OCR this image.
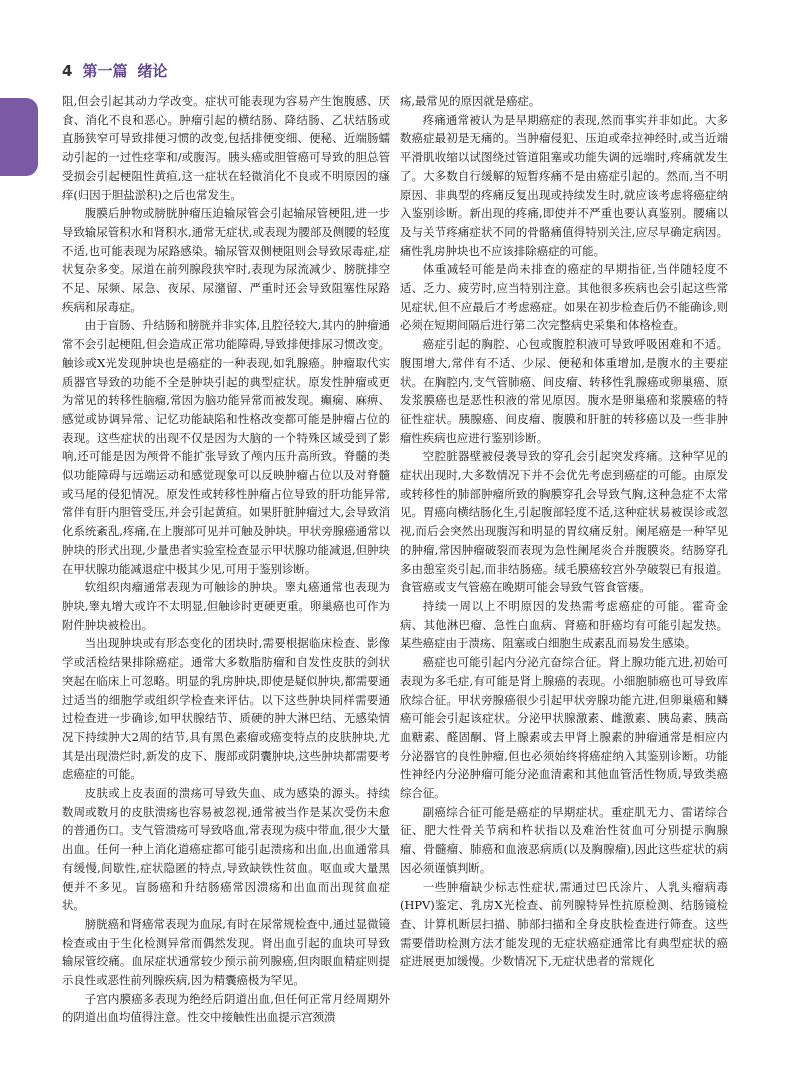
4 第一篇 绪论

阻,但会引起其动力学改变。症状可能表现为容易产生饱腹感、厌食、消化不良和恶心。肿瘤引起的横结肠、降结肠、乙状结肠或直肠狭窄可导致排便习惯的改变,包括排便变细、便秘、近端肠蠕动引起的一过性痉挛和/或腹泻。胰头癌或胆管癌可导致的胆总管受损会引起梗阻性黄疸,这一症状在轻微消化不良或不明原因的瘙痒(归因于胆盐淤积)之后也常发生。

腹膜后肿物或膀胱肿瘤压迫输尿管会引起输尿管梗阻,进一步导致输尿管积水和肾积水,通常无症状,或表现为腰部及侧腰的轻度不适,也可能表现为尿路感染。输尿管双侧梗阻则会导致尿毒症,症状复杂多变。尿道在前列腺段狭窄时,表现为尿流减少、膀胱排空不足、尿频、尿急、夜尿、尿潴留、严重时还会导致阻塞性尿路疾病和尿毒症。

由于盲肠、升结肠和膀胱并非实体,且腔径较大,其内的肿瘤通常不会引起梗阻,但会造成正常功能障碍,导致排便排尿习惯改变。触诊或X光发现肿块也是癌症的一种表现,如乳腺癌。肿瘤取代实质器官导致的功能不全是肿块引起的典型症状。原发性肿瘤或更为常见的转移性脑瘤,常因为脑功能异常而被发现。癫痫、麻痹、感觉或协调异常、记忆功能缺陷和性格改变都可能是肿瘤占位的表现。这些症状的出现不仅是因为大脑的一个特殊区域受到了影响,还可能是因为颅骨不能扩张导致了颅内压升高所致。脊髓的类似功能障碍与远端运动和感觉现象可以反映肿瘤占位以及对脊髓或马尾的侵犯情况。原发性或转移性肿瘤占位导致的肝功能异常,常伴有肝内胆管受压,并会引起黄疸。如果肝脏肿瘤过大,会导致消化系统紊乱,疼痛,在上腹部可见并可触及肿块。甲状旁腺癌通常以肿块的形式出现,少量患者实验室检查显示甲状腺功能减退,但肿块在甲状腺功能减退症中极其少见,可用于鉴别诊断。

软组织肉瘤通常表现为可触诊的肿块。睾丸癌通常也表现为肿块,睾丸增大或许不太明显,但触诊时更硬更重。卵巢癌也可作为附件肿块被检出。

当出现肿块或有形态变化的团块时,需要根据临床检查、影像学或活检结果排除癌症。通常大多数脂肪瘤和自发性皮肤的剑状突起在临床上可忽略。明显的乳房肿块,即使是疑似肿块,都需要通过适当的细胞学或组织学检查来评估。以下这些肿块同样需要通过检查进一步确诊,如甲状腺结节、质硬的肿大淋巴结、无感染情况下持续肿大2周的结节,具有黑色素瘤或癌变特点的皮肤肿块,尤其是出现溃烂时,新发的皮下、腹部或阴囊肿块,这些肿块都需要考虑癌症的可能。

皮肤或上皮表面的溃疡可导致失血、成为感染的源头。持续数周或数月的皮肤溃疡也容易被忽视,通常被当作是某次受伤未愈的普通伤口。支气管溃疡可导致咯血,常表现为痰中带血,很少大量出血。任何一种上消化道癌症都可能引起溃疡和出血,出血通常具有缓慢,间歇性,症状隐匿的特点,导致缺铁性贫血。呕血或大量黑便并不多见。盲肠癌和升结肠癌常因溃疡和出血而出现贫血症状。

膀胱癌和肾癌常表现为血尿,有时在尿常规检查中,通过显微镜检查或由于生化检测异常而偶然发现。肾出血引起的血块可导致输尿管绞痛。血尿症状通常较少预示前列腺癌,但肉眼血精症则提示良性或恶性前列腺疾病,因为精囊癌极为罕见。

子宫内膜癌多表现为绝经后阴道出血,但任何正常月经周期外的阴道出血均值得注意。性交中接触性出血提示宫颈溃

疡,最常见的原因就是癌症。

疼痛通常被认为是早期癌症的表现,然而事实并非如此。大多数癌症最初是无痛的。当肿瘤侵犯、压迫或牵拉神经时,或当近端平滑肌收缩以试图绕过管道阻塞或功能失调的远端时,疼痛就发生了。大多数自行缓解的短暂疼痛不是由癌症引起的。然而,当不明原因、非典型的疼痛反复出现或持续发生时,就应该考虑将癌症纳入鉴别诊断。新出现的疼痛,即使并不严重也要认真鉴别。腰痛以及与关节疼痛症状不同的骨骼痛值得特别关注,应尽早确定病因。痛性乳房肿块也不应该排除癌症的可能。

体重减轻可能是尚未排查的癌症的早期指征,当伴随轻度不适、乏力、疲劳时,应当特别注意。其他很多疾病也会引起这些常见症状,但不应最后才考虑癌症。如果在初步检查后仍不能确诊,则必须在短期间隔后进行第二次完整病史采集和体格检查。

癌症引起的胸腔、心包或腹腔积液可导致呼吸困难和不适。腹围增大,常伴有不适、少尿、便秘和体重增加,是腹水的主要症状。在胸腔内,支气管肺癌、间皮瘤、转移性乳腺癌或卵巢癌、原发浆膜癌也是恶性积液的常见原因。腹水是卵巢癌和浆膜癌的特征性症状。胰腺癌、间皮瘤、腹膜和肝脏的转移癌以及一些非肿瘤性疾病也应进行鉴别诊断。

空腔脏器壁被侵袭导致的穿孔会引起突发疼痛。这种罕见的症状出现时,大多数情况下并不会优先考虑到癌症的可能。由原发或转移性的肺部肿瘤所致的胸膜穿孔会导致气胸,这种急症不太常见。胃癌向横结肠化生,引起腹部轻度不适,这种症状易被误诊或忽视,而后会突然出现腹泻和明显的胃纹痛反射。阑尾癌是一种罕见的肿瘤,常因肿瘤破裂而表现为急性阑尾炎合并腹膜炎。结肠穿孔多由憩室炎引起,而非结肠癌。绒毛膜癌较宫外孕破裂已有报道。食管癌或支气管癌在晚期可能会导致气管食管瘘。

持续一周以上不明原因的发热需考虑癌症的可能。霍奇金病、其他淋巴瘤、急性白血病、肾癌和肝癌均有可能引起发热。某些癌症由于溃疡、阻塞或白细胞生成素乱而易发生感染。

癌症也可能引起内分泌亢奋综合征。肾上腺功能亢进,初始可表现为多毛症,有可能是肾上腺癌的表现。小细胞肺癌也可导致库欣综合征。甲状旁腺癌很少引起甲状旁腺功能亢进,但卵巢癌和鳞癌可能会引起该症状。分泌甲状腺激素、雌激素、胰岛素、胰高血糖素、醛固酮、肾上腺素或去甲肾上腺素的肿瘤通常是相应内分泌器官的良性肿瘤,但也必须始终将癌症纳入其鉴别诊断。功能性神经内分泌肿瘤可能分泌血清素和其他血管活性物质,导致类癌综合征。

副癌综合征可能是癌症的早期症状。重症肌无力、雷诺综合征、肥大性骨关节病和杵状指以及难治性贫血可分别提示胸腺瘤、骨髓瘤、肺癌和血液恶病质(以及胸腺瘤),因此这些症状的病因必须谨慎判断。

一些肿瘤缺少标志性症状,需通过巴氏涂片、人乳头瘤病毒(HPV)鉴定、乳房X光检查、前列腺特异性抗原检测、结肠镜检查、计算机断层扫描、肺部扫描和全身皮肤检查进行筛查。这些需要借助检测方法才能发现的无症状癌症通常比有典型症状的癌症进展更加缓慢。少数情况下,无症状患者的常规化
